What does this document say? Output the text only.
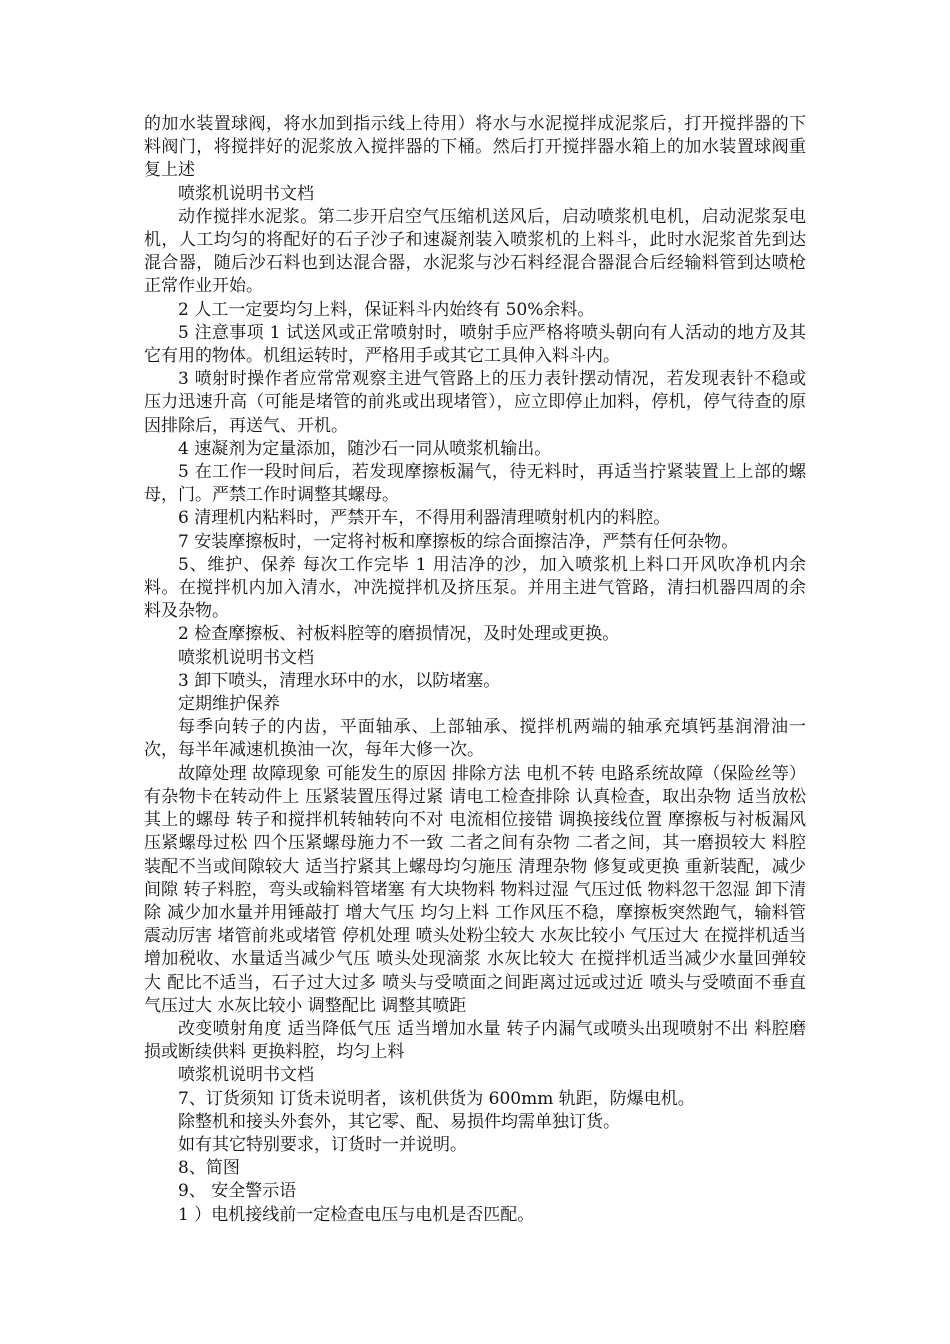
的加水装置球阀，将水加到指示线上待用）将水与水泥搅拌成泥浆后，打开搅拌器的下料阀门，将搅拌好的泥浆放入搅拌器的下桶。然后打开搅拌器水箱上的加水装置球阀重复上述

喷浆机说明书文档

动作搅拌水泥浆。第二步开启空气压缩机送风后，启动喷浆机电机，启动泥浆泵电机，人工均匀的将配好的石子沙子和速凝剂装入喷浆机的上料斗，此时水泥浆首先到达混合器，随后沙石料也到达混合器，水泥浆与沙石料经混合器混合后经输料管到达喷枪正常作业开始。

2 人工一定要均匀上料，保证料斗内始终有 50%余料。

5 注意事项 1 试送风或正常喷射时，喷射手应严格将喷头朝向有人活动的地方及其它有用的物体。机组运转时，严格用手或其它工具伸入料斗内。

3 喷射时操作者应常常观察主进气管路上的压力表针摆动情况，若发现表针不稳或压力迅速升高（可能是堵管的前兆或出现堵管），应立即停止加料，停机，停气待查的原因排除后，再送气、开机。

4 速凝剂为定量添加，随沙石一同从喷浆机输出。

5 在工作一段时间后，若发现摩擦板漏气，待无料时，再适当拧紧装置上上部的螺母，门。严禁工作时调整其螺母。

6 清理机内粘料时，严禁开车，不得用利器清理喷射机内的料腔。

7 安装摩擦板时，一定将衬板和摩擦板的综合面擦洁净，严禁有任何杂物。

5、维护、保养 每次工作完毕 1 用洁净的沙，加入喷浆机上料口开风吹净机内余料。在搅拌机内加入清水，冲洗搅拌机及挤压泵。并用主进气管路，清扫机器四周的余料及杂物。

2 检查摩擦板、衬板料腔等的磨损情况，及时处理或更换。

喷浆机说明书文档

3 卸下喷头，清理水环中的水，以防堵塞。

定期维护保养

每季向转子的内齿，平面轴承、上部轴承、搅拌机两端的轴承充填钙基润滑油一次，每半年减速机换油一次，每年大修一次。

故障处理 故障现象 可能发生的原因 排除方法 电机不转 电路系统故障（保险丝等）有杂物卡在转动件上 压紧装置压得过紧 请电工检查排除 认真检查，取出杂物 适当放松其上的螺母 转子和搅拌机转轴转向不对 电流相位接错 调换接线位置 摩擦板与衬板漏风 压紧螺母过松 四个压紧螺母施力不一致 二者之间有杂物 二者之间，其一磨损较大 料腔装配不当或间隙较大 适当拧紧其上螺母均匀施压 清理杂物 修复或更换 重新装配，减少间隙 转子料腔，弯头或输料管堵塞 有大块物料 物料过湿 气压过低 物料忽干忽湿 卸下清除 减少加水量并用锤敲打 增大气压 均匀上料 工作风压不稳，摩擦板突然跑气，输料管震动厉害 堵管前兆或堵管 停机处理 喷头处粉尘较大 水灰比较小 气压过大 在搅拌机适当增加税收、水量适当减少气压 喷头处现滴浆 水灰比较大 在搅拌机适当减少水量回弹较大 配比不适当，石子过大过多 喷头与受喷面之间距离过远或过近 喷头与受喷面不垂直 气压过大 水灰比较小 调整配比 调整其喷距

改变喷射角度 适当降低气压 适当增加水量 转子内漏气或喷头出现喷射不出 料腔磨损或断续供料 更换料腔，均匀上料

喷浆机说明书文档

7、订货须知 订货未说明者，该机供货为 600mm 轨距，防爆电机。

除整机和接头外套外，其它零、配、易损件均需单独订货。

如有其它特别要求，订货时一并说明。

8、简图

9、 安全警示语

1 ）电机接线前一定检查电压与电机是否匹配。
